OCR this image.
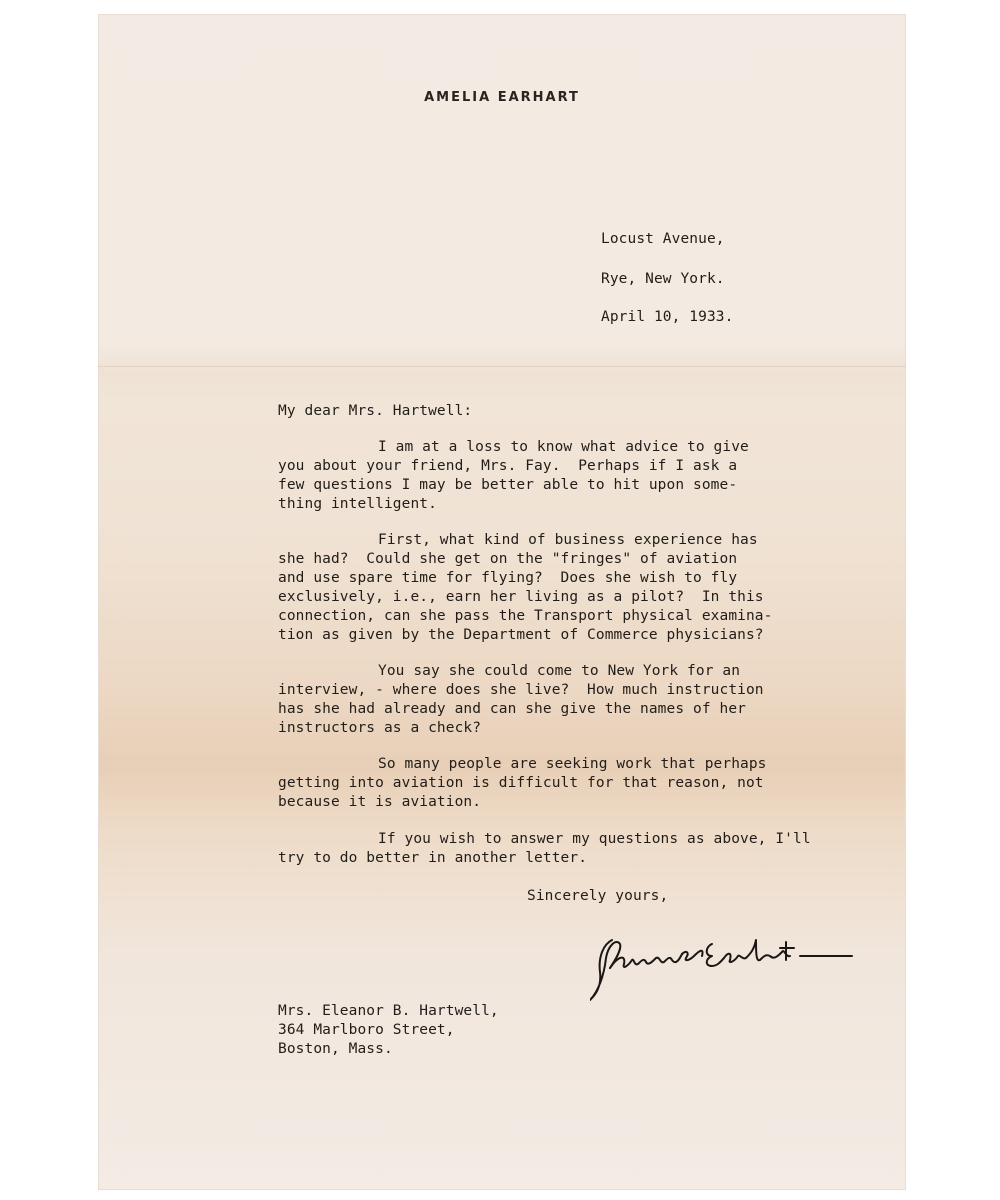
AMELIA EARHART
Locust Avenue,
Rye, New York.
April 10, 1933.
My dear Mrs. Hartwell:
I am at a loss to know what advice to give
you about your friend, Mrs. Fay.  Perhaps if I ask a
few questions I may be better able to hit upon some-
thing intelligent.
First, what kind of business experience has
she had?  Could she get on the "fringes" of aviation
and use spare time for flying?  Does she wish to fly
exclusively, i.e., earn her living as a pilot?  In this
connection, can she pass the Transport physical examina-
tion as given by the Department of Commerce physicians?
You say she could come to New York for an
interview, - where does she live?  How much instruction
has she had already and can she give the names of her
instructors as a check?
So many people are seeking work that perhaps
getting into aviation is difficult for that reason, not
because it is aviation.
If you wish to answer my questions as above, I'll
try to do better in another letter.
Sincerely yours,
Mrs. Eleanor B. Hartwell,
364 Marlboro Street,
Boston, Mass.
